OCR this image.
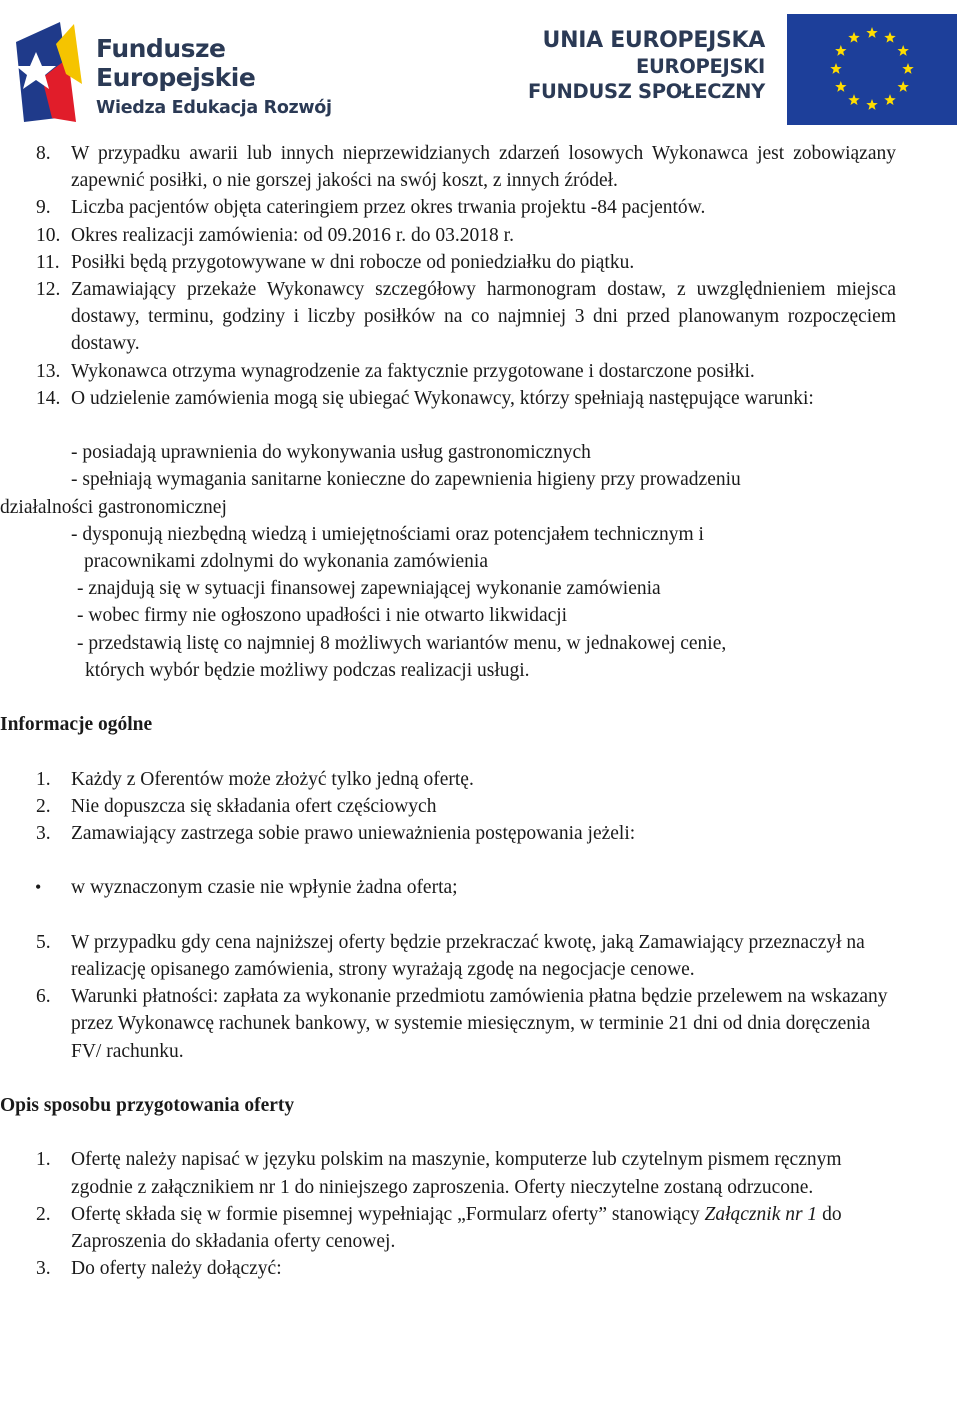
Fundusze
Europejskie
Wiedza Edukacja Rozwój
UNIA EUROPEJSKA
EUROPEJSKI
FUNDUSZ SPOŁECZNY
8. W przypadku awarii lub innych nieprzewidzianych zdarzeń losowych Wykonawca jest zobowiązany zapewnić posiłki, o nie gorszej jakości na swój koszt, z innych źródeł.
9. Liczba pacjentów objęta cateringiem przez okres trwania projektu -84 pacjentów.
10. Okres realizacji zamówienia: od 09.2016 r. do 03.2018 r.
11. Posiłki będą przygotowywane w dni robocze od poniedziałku do piątku.
12. Zamawiający przekaże Wykonawcy szczegółowy harmonogram dostaw, z uwzględnieniem miejsca dostawy, terminu, godziny i liczby posiłków na co najmniej 3 dni przed planowanym rozpoczęciem dostawy.
13. Wykonawca otrzyma wynagrodzenie za faktycznie przygotowane i dostarczone posiłki.
14. O udzielenie zamówienia mogą się ubiegać Wykonawcy, którzy spełniają następujące warunki:
- posiadają uprawnienia do wykonywania usług gastronomicznych
- spełniają wymagania sanitarne konieczne do zapewnienia higieny przy prowadzeniu
działalności gastronomicznej
- dysponują niezbędną wiedzą i umiejętnościami oraz potencjałem technicznym i
pracownikami zdolnymi do wykonania zamówienia
- znajdują się w sytuacji finansowej zapewniającej wykonanie zamówienia
- wobec firmy nie ogłoszono upadłości i nie otwarto likwidacji
- przedstawią listę co najmniej 8 możliwych wariantów menu, w jednakowej cenie,
których wybór będzie możliwy podczas realizacji usługi.
Informacje ogólne
1. Każdy z Oferentów może złożyć tylko jedną ofertę.
2. Nie dopuszcza się składania ofert częściowych
3. Zamawiający zastrzega sobie prawo unieważnienia postępowania jeżeli:
• w wyznaczonym czasie nie wpłynie żadna oferta;
5. W przypadku gdy cena najniższej oferty będzie przekraczać kwotę, jaką Zamawiający przeznaczył na realizację opisanego zamówienia, strony wyrażają zgodę na negocjacje cenowe.
6. Warunki płatności: zapłata za wykonanie przedmiotu zamówienia płatna będzie przelewem na wskazany przez Wykonawcę rachunek bankowy, w systemie miesięcznym, w terminie 21 dni od dnia doręczenia FV/ rachunku.
Opis sposobu przygotowania oferty
1. Ofertę należy napisać w języku polskim na maszynie, komputerze lub czytelnym pismem ręcznym zgodnie z załącznikiem nr 1 do niniejszego zaproszenia. Oferty nieczytelne zostaną odrzucone.
2. Ofertę składa się w formie pisemnej wypełniając „Formularz oferty” stanowiący Załącznik nr 1 do Zaproszenia do składania oferty cenowej.
3. Do oferty należy dołączyć:
